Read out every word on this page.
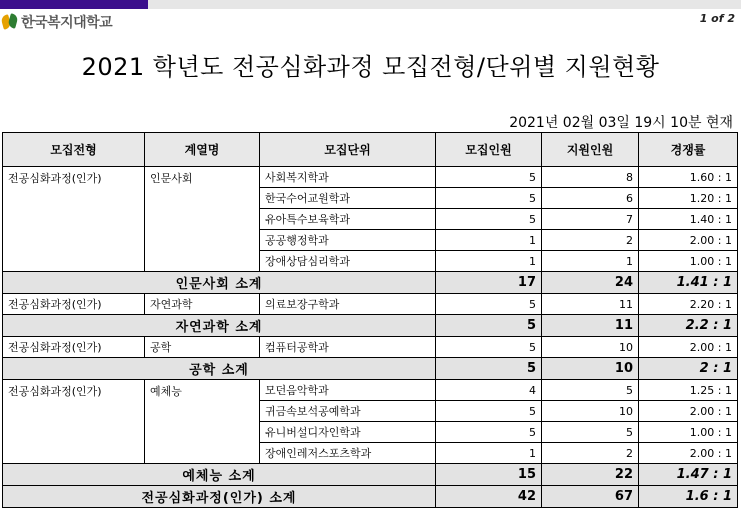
한국복지대학교	1 of 2
2021 학년도 전공심화과정 모집전형/단위별 지원현황
2021년 02월 03일 19시 10분 현재
모집전형	계열명	모집단위	모집인원	지원인원	경쟁률
전공심화과정(인가)	인문사회	사회복지학과	5	8	1.60 : 1
		한국수어교원학과	5	6	1.20 : 1
		유아특수보육학과	5	7	1.40 : 1
		공공행정학과	1	2	2.00 : 1
		장애상담심리학과	1	1	1.00 : 1
인문사회 소계			17	24	1.41 : 1
전공심화과정(인가)	자연과학	의료보장구학과	5	11	2.20 : 1
자연과학 소계			5	11	2.2 : 1
전공심화과정(인가)	공학	컴퓨터공학과	5	10	2.00 : 1
공학 소계			5	10	2 : 1
전공심화과정(인가)	예체능	모던음악학과	4	5	1.25 : 1
		귀금속보석공예학과	5	10	2.00 : 1
		유니버설디자인학과	5	5	1.00 : 1
		장애인레저스포츠학과	1	2	2.00 : 1
예체능 소계			15	22	1.47 : 1
전공심화과정(인가) 소계			42	67	1.6 : 1
